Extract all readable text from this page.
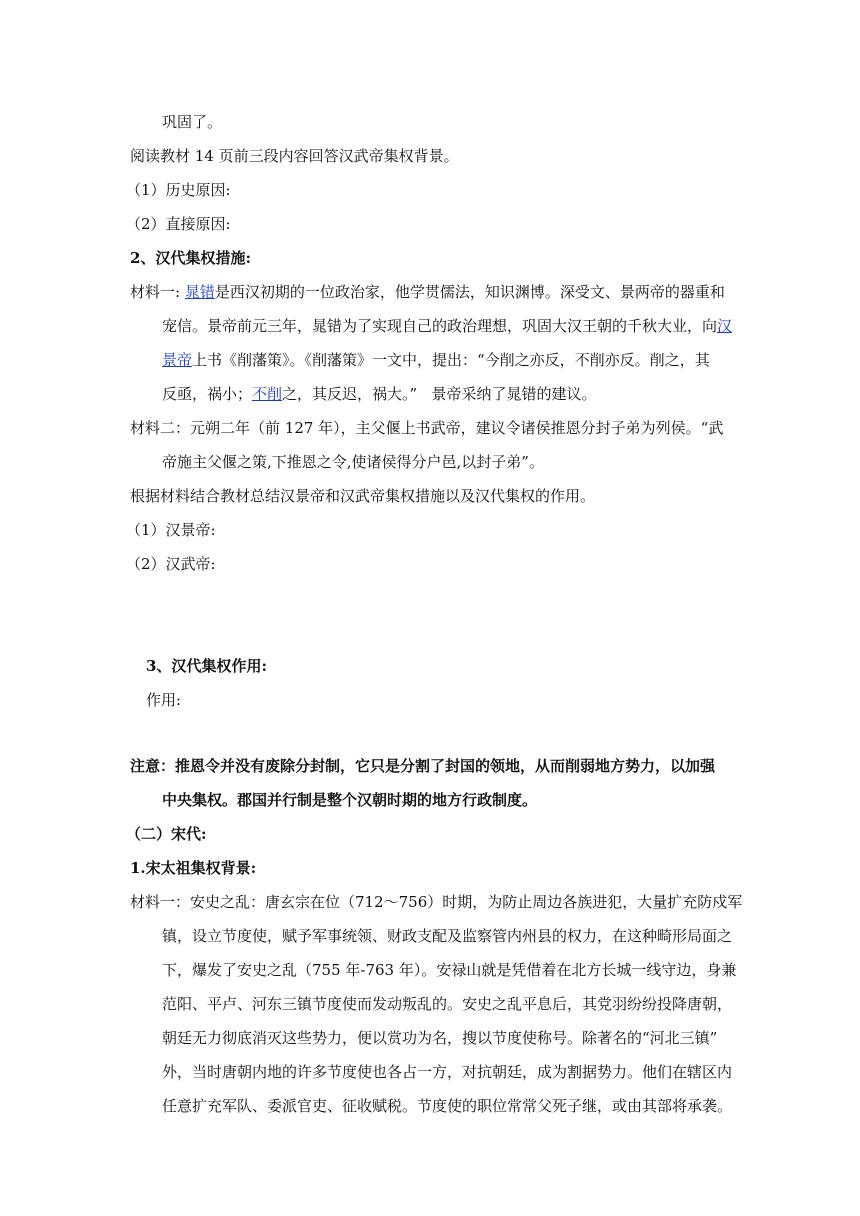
巩固了。
阅读教材 14 页前三段内容回答汉武帝集权背景。
（1）历史原因:
（2）直接原因:
2、汉代集权措施:
材料一: 晁错是西汉初期的一位政治家，他学贯儒法，知识渊博。深受文、景两帝的器重和
宠信。景帝前元三年，晁错为了实现自己的政治理想，巩固大汉王朝的千秋大业，向汉
景帝上书《削藩策》。《削藩策》一文中，提出：“今削之亦反，不削亦反。削之，其
反亟，祸小；不削之，其反迟，祸大。”   景帝采纳了晁错的建议。
材料二：元朔二年（前 127 年），主父偃上书武帝，建议令诸侯推恩分封子弟为列侯。“武
帝施主父偃之策,下推恩之令,使诸侯得分户邑,以封子弟”。
根据材料结合教材总结汉景帝和汉武帝集权措施以及汉代集权的作用。
（1）汉景帝:
（2）汉武帝:
3、汉代集权作用:
作用:
注意：推恩令并没有废除分封制，它只是分割了封国的领地，从而削弱地方势力，以加强
中央集权。郡国并行制是整个汉朝时期的地方行政制度。
（二）宋代:
1.宋太祖集权背景:
材料一：安史之乱：唐玄宗在位（712～756）时期，为防止周边各族进犯，大量扩充防戍军
镇，设立节度使，赋予军事统领、财政支配及监察管内州县的权力，在这种畸形局面之
下，爆发了安史之乱（755 年-763 年）。安禄山就是凭借着在北方长城一线守边，身兼
范阳、平卢、河东三镇节度使而发动叛乱的。安史之乱平息后，其党羽纷纷投降唐朝，
朝廷无力彻底消灭这些势力，便以赏功为名，搜以节度使称号。除著名的“河北三镇”
外，当时唐朝内地的许多节度使也各占一方，对抗朝廷，成为割据势力。他们在辖区内
任意扩充军队、委派官吏、征收赋税。节度使的职位常常父死子继，或由其部将承袭。
